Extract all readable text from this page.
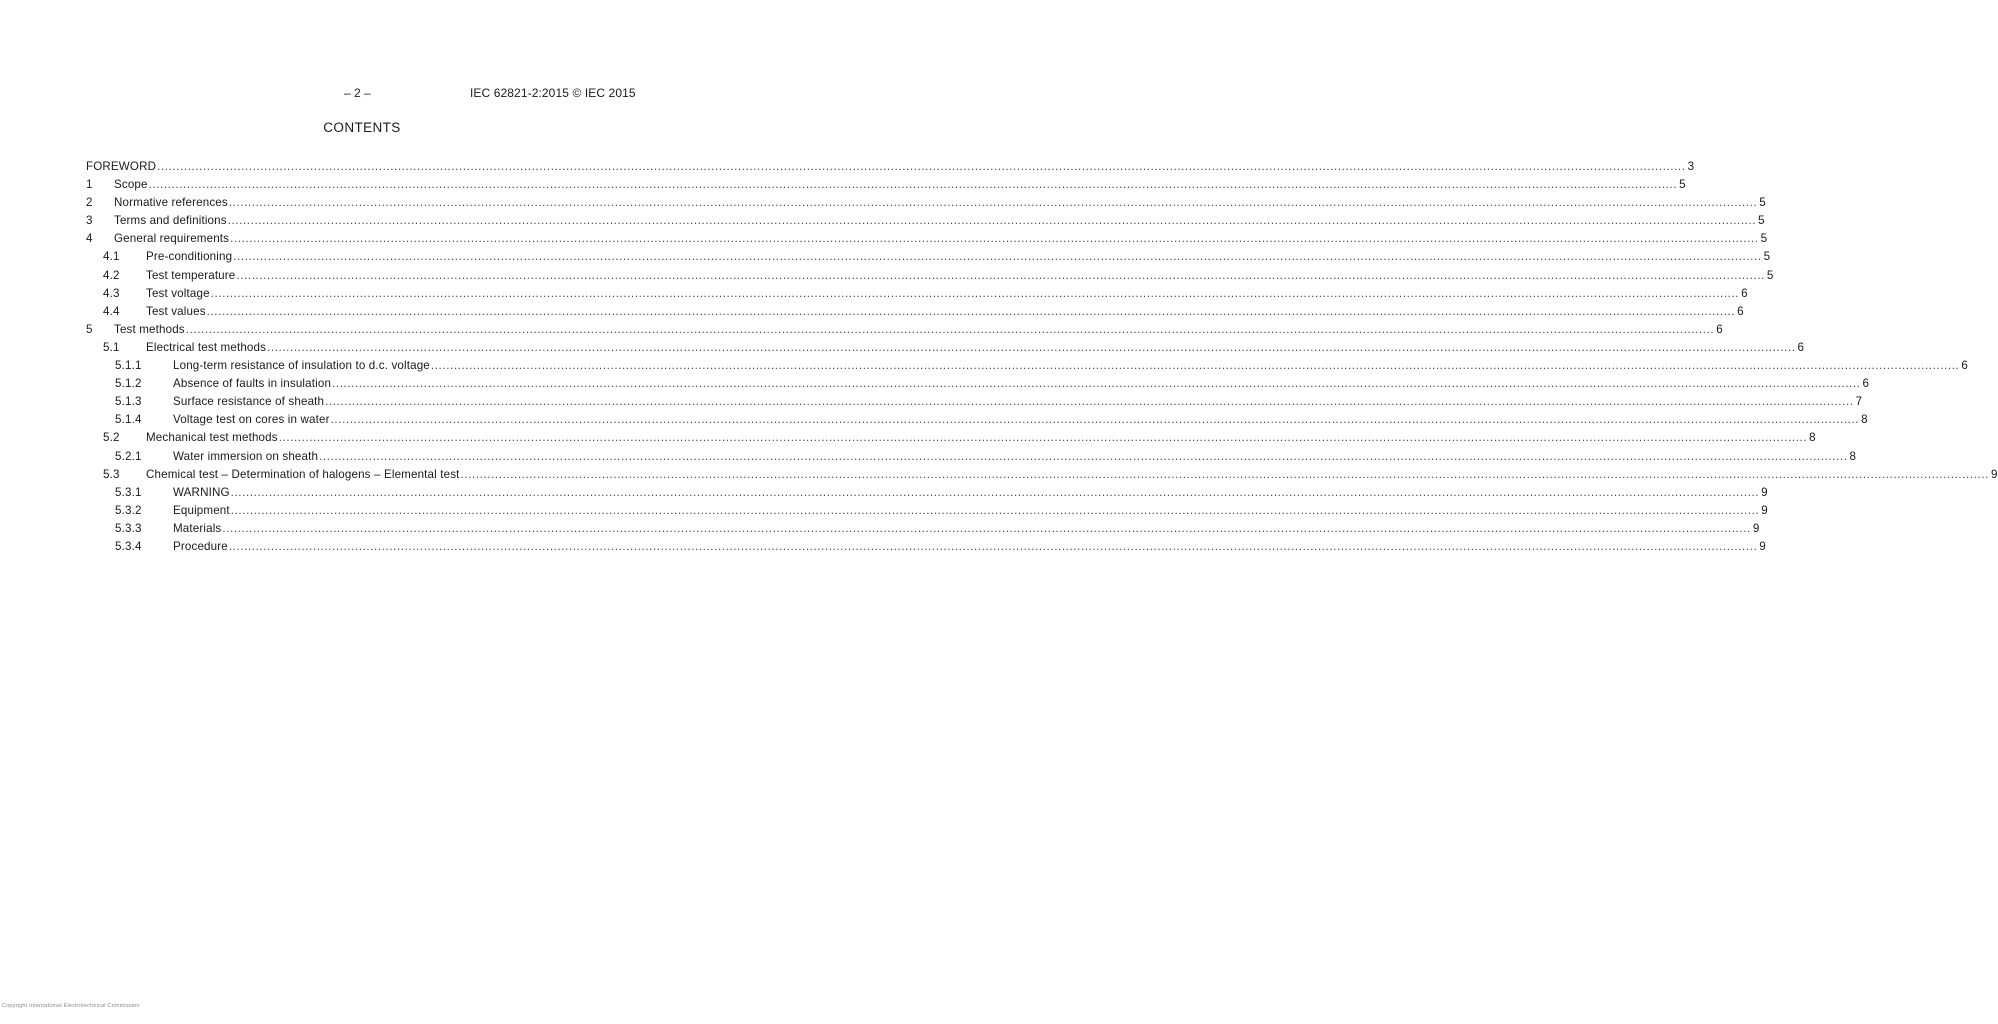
– 2 –	IEC 62821-2:2015 © IEC 2015
CONTENTS
FOREWORD ................................................................................................................................................................................................................................................................................................................................................................................................................ 3
1 Scope ................................................................................................................................................................................................................................................................................................................................................................................................................ 5
2 Normative references ................................................................................................................................................................................................................................................................................................................................................................................................................ 5
3 Terms and definitions ................................................................................................................................................................................................................................................................................................................................................................................................................ 5
4 General requirements ................................................................................................................................................................................................................................................................................................................................................................................................................ 5
4.1 Pre-conditioning ................................................................................................................................................................................................................................................................................................................................................................................................................ 5
4.2 Test temperature ................................................................................................................................................................................................................................................................................................................................................................................................................ 5
4.3 Test voltage ................................................................................................................................................................................................................................................................................................................................................................................................................ 6
4.4 Test values ................................................................................................................................................................................................................................................................................................................................................................................................................ 6
5 Test methods ................................................................................................................................................................................................................................................................................................................................................................................................................ 6
5.1 Electrical test methods ................................................................................................................................................................................................................................................................................................................................................................................................................ 6
5.1.1	Long-term resistance of insulation to d.c. voltage ................................................................................................................................................................................................................................................................................................................................................................................................................ 6
5.1.2	Absence of faults in insulation ................................................................................................................................................................................................................................................................................................................................................................................................................ 6
5.1.3	Surface resistance of sheath ................................................................................................................................................................................................................................................................................................................................................................................................................ 7
5.1.4	Voltage test on cores in water ................................................................................................................................................................................................................................................................................................................................................................................................................ 8
5.2 Mechanical test methods ................................................................................................................................................................................................................................................................................................................................................................................................................ 8
5.2.1	Water immersion on sheath ................................................................................................................................................................................................................................................................................................................................................................................................................ 8
5.3 Chemical test – Determination of halogens – Elemental test ................................................................................................................................................................................................................................................................................................................................................................................................................ 9
5.3.1	WARNING ................................................................................................................................................................................................................................................................................................................................................................................................................ 9
5.3.2	Equipment ................................................................................................................................................................................................................................................................................................................................................................................................................ 9
5.3.3	Materials ................................................................................................................................................................................................................................................................................................................................................................................................................ 9
5.3.4	Procedure ................................................................................................................................................................................................................................................................................................................................................................................................................ 9
Copyright International Electrotechnical Commission
